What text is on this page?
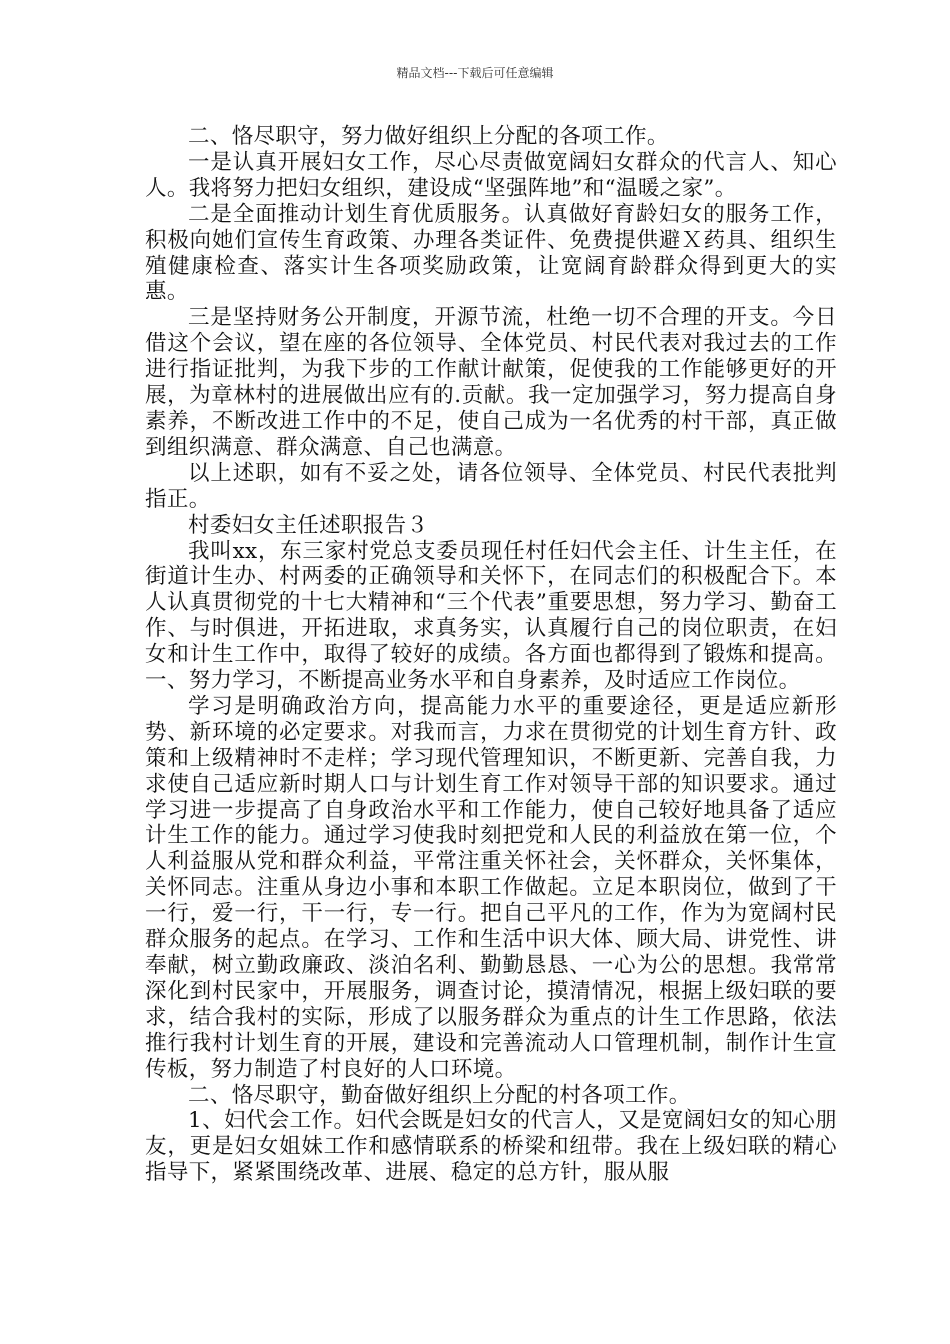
精品文档---下载后可任意编辑

二、恪尽职守，努力做好组织上分配的各项工作。

一是认真开展妇女工作，尽心尽责做宽阔妇女群众的代言人、知心人。我将努力把妇女组织，建设成“坚强阵地”和“温暖之家”。

二是全面推动计划生育优质服务。认真做好育龄妇女的服务工作，积极向她们宣传生育政策、办理各类证件、免费提供避Ｘ药具、组织生殖健康检查、落实计生各项奖励政策，让宽阔育龄群众得到更大的实惠。

三是坚持财务公开制度，开源节流，杜绝一切不合理的开支。今日借这个会议，望在座的各位领导、全体党员、村民代表对我过去的工作进行指证批判，为我下步的工作献计献策，促使我的工作能够更好的开展，为章林村的进展做出应有的.贡献。我一定加强学习，努力提高自身素养，不断改进工作中的不足，使自己成为一名优秀的村干部，真正做到组织满意、群众满意、自己也满意。

以上述职，如有不妥之处，请各位领导、全体党员、村民代表批判指正。

村委妇女主任述职报告３

我叫xx，东三家村党总支委员现任村任妇代会主任、计生主任，在街道计生办、村两委的正确领导和关怀下，在同志们的积极配合下。本人认真贯彻党的十七大精神和“三个代表”重要思想，努力学习、勤奋工作、与时俱进，开拓进取，求真务实，认真履行自己的岗位职责，在妇女和计生工作中，取得了较好的成绩。各方面也都得到了锻炼和提高。一、努力学习，不断提高业务水平和自身素养，及时适应工作岗位。

学习是明确政治方向，提高能力水平的重要途径，更是适应新形势、新环境的必定要求。对我而言，力求在贯彻党的计划生育方针、政策和上级精神时不走样；学习现代管理知识，不断更新、完善自我，力求使自己适应新时期人口与计划生育工作对领导干部的知识要求。通过学习进一步提高了自身政治水平和工作能力，使自己较好地具备了适应计生工作的能力。通过学习使我时刻把党和人民的利益放在第一位，个人利益服从党和群众利益，平常注重关怀社会，关怀群众，关怀集体，关怀同志。注重从身边小事和本职工作做起。立足本职岗位，做到了干一行，爱一行，干一行，专一行。把自己平凡的工作，作为为宽阔村民群众服务的起点。在学习、工作和生活中识大体、顾大局、讲党性、讲奉献，树立勤政廉政、淡泊名利、勤勤恳恳、一心为公的思想。我常常深化到村民家中，开展服务，调查讨论，摸清情况，根据上级妇联的要求，结合我村的实际，形成了以服务群众为重点的计生工作思路，依法推行我村计划生育的开展，建设和完善流动人口管理机制，制作计生宣传板，努力制造了村良好的人口环境。

二、恪尽职守，勤奋做好组织上分配的村各项工作。

1、妇代会工作。妇代会既是妇女的代言人，又是宽阔妇女的知心朋友，更是妇女姐妹工作和感情联系的桥梁和纽带。我在上级妇联的精心指导下，紧紧围绕改革、进展、稳定的总方针，服从服
